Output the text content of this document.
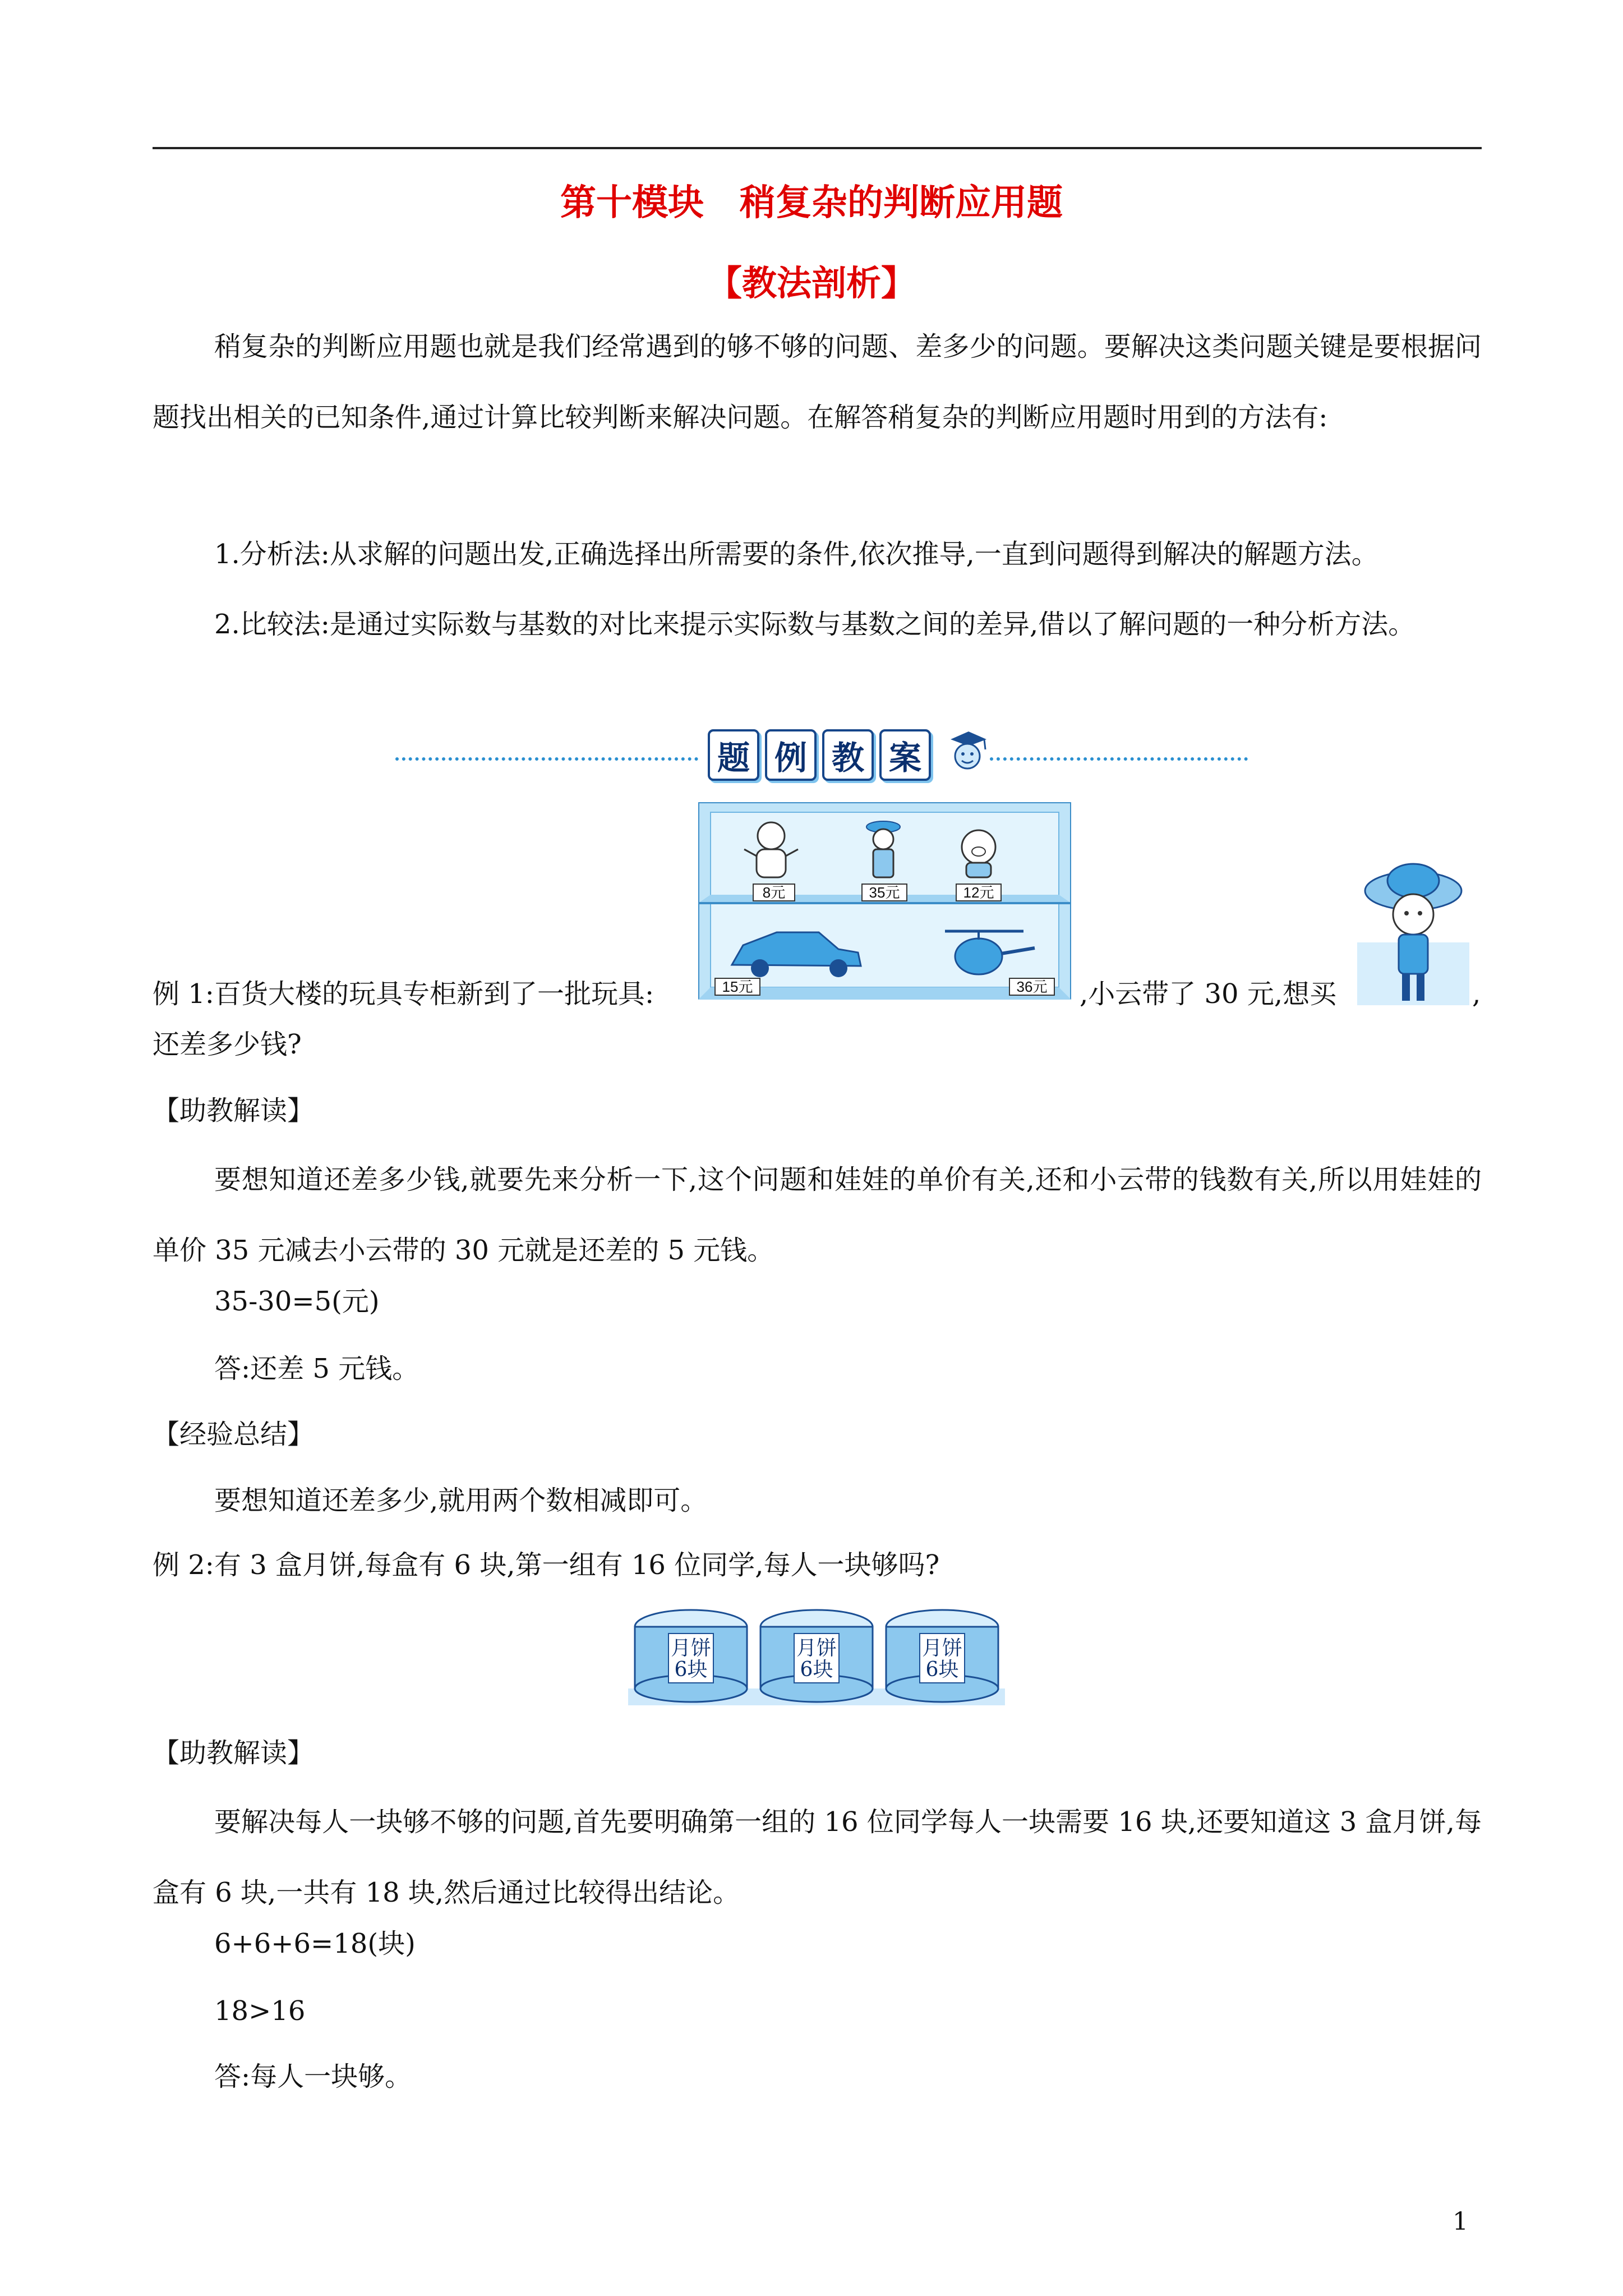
第十模块　稍复杂的判断应用题
【教法剖析】

稍复杂的判断应用题也就是我们经常遇到的够不够的问题、差多少的问题。要解决这类问题关键是要根据问题找出相关的已知条件,通过计算比较判断来解决问题。在解答稍复杂的判断应用题时用到的方法有:

1.分析法:从求解的问题出发,正确选择出所需要的条件,依次推导,一直到问题得到解决的解题方法。

2.比较法:是通过实际数与基数的对比来提示实际数与基数之间的差异,借以了解问题的一种分析方法。

题 例 教 案

例 1:百货大楼的玩具专柜新到了一批玩具:

8元	35元	12元
15元	36元 ,小云带了 30 元,想买	,

还差多少钱?

【助教解读】

要想知道还差多少钱,就要先来分析一下,这个问题和娃娃的单价有关,还和小云带的钱数有关,所以用娃娃的单价 35 元减去小云带的 30 元就是还差的 5 元钱。

35-30=5(元)

答:还差 5 元钱。

【经验总结】

要想知道还差多少,就用两个数相减即可。

例 2:有 3 盒月饼,每盒有 6 块,第一组有 16 位同学,每人一块够吗?

月饼
6块
月饼
6块
月饼
6块

【助教解读】

要解决每人一块够不够的问题,首先要明确第一组的 16 位同学每人一块需要 16 块,还要知道这 3 盒月饼,每盒有 6 块,一共有 18 块,然后通过比较得出结论。

6+6+6=18(块)

18>16

答:每人一块够。

1
